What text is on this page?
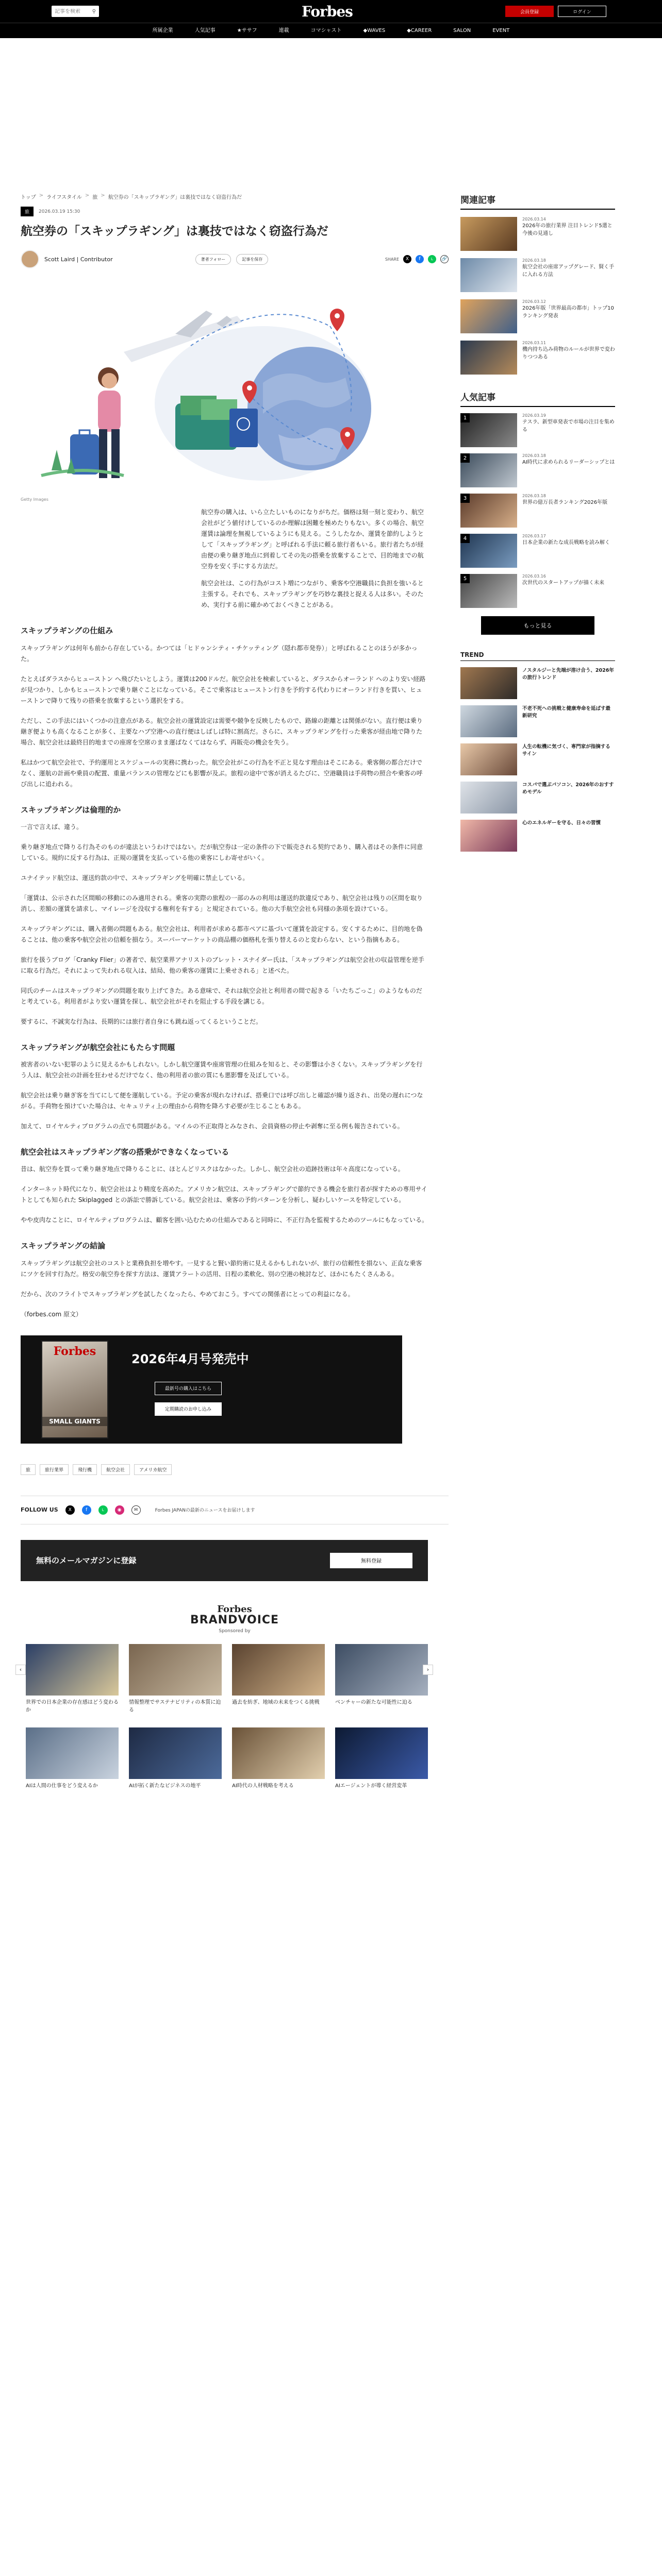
記事を検索
⚲	Forbes	会員登録	ログイン
所属企業	人気記事	★ササフ	連載	コマシャスト	◆WAVES	◆CAREER	SALON	EVENT
トップ > ライフスタイル > 旅 > 航空券の「スキップラギング」は裏技ではなく窃盗行為だ
旅	2026.03.19 15:30
航空券の「スキップラギング」は裏技ではなく窃盗行為だ
Scott Laird | Contributor	著者フォロー	記事を保存	SHARE	X	f	L	🔗
Getty Images

航空券の購入は、いら立たしいものになりがちだ。価格は刻一刻と変わり、航空会社がどう値付けしているのか理解は困難を極めたりもない。多くの場合、航空運賃は論理を無視しているようにも見える。こうしたなか、運賃を節約しようとして「スキップラギング」と呼ばれる手法に頼る旅行者もいる。旅行者たちが経由便の乗り継ぎ地点に到着してその先の搭乗を放棄することで、目的地までの航空券を安く手にする方法だ。

航空会社は、この行為がコスト増につながり、乗客や空港職員に負担を強いると主張する。それでも、スキップラギングを巧妙な裏技と捉える人は多い。そのため、実行する前に確かめておくべきことがある。

スキップラギングの仕組み

スキップラギングは何年も前から存在している。かつては「ヒドゥンシティ・チケッティング（隠れ都市発券）」と呼ばれることのほうが多かった。

たとえばダラスからヒューストン へ飛びたいとしよう。運賃は200ドルだ。航空会社を検索していると、ダラスからオーランド へのより安い経路が見つかり、しかもヒューストンで乗り継ぐことになっている。そこで乗客はヒューストン行きを予約する代わりにオーランド行きを買い、ヒューストンで降りて残りの搭乗を放棄するという選択をする。

ただし、この手法にはいくつかの注意点がある。航空会社の運賃設定は需要や競争を反映したもので、路線の距離とは関係がない。直行便は乗り継ぎ便よりも高くなることが多く、主要なハブ空港への直行便はしばしば特に割高だ。さらに、スキップラギングを行った乗客が経由地で降りた場合、航空会社は最終目的地までの座席を空席のまま運ばなくてはならず、再販売の機会を失う。

私はかつて航空会社で、予約運用とスケジュールの実務に携わった。航空会社がこの行為を不正と見なす理由はそこにある。乗客側の都合だけでなく、運航の計画や乗員の配置、重量バランスの管理などにも影響が及ぶ。旅程の途中で客が消えるたびに、空港職員は手荷物の照合や乗客の呼び出しに追われる。

スキップラギングは倫理的か

一言で言えば、違う。

乗り継ぎ地点で降りる行為そのものが違法というわけではない。だが航空券は一定の条件の下で販売される契約であり、購入者はその条件に同意している。規約に反する行為は、正規の運賃を支払っている他の乗客にしわ寄せがいく。

ユナイテッド航空は、運送約款の中で、スキップラギングを明確に禁止している。

「運賃は、公示された区間順の移動にのみ適用される。乗客の実際の旅程の一部のみの利用は運送約款違反であり、航空会社は残りの区間を取り消し、差額の運賃を請求し、マイレージを没収する権利を有する」と規定されている。他の大手航空会社も同様の条項を設けている。

スキップラギングには、購入者側の問題もある。航空会社は、利用者が求める都市ペアに基づいて運賃を設定する。安くするために、目的地を偽ることは、他の乗客や航空会社の信頼を損なう。スーパーマーケットの商品棚の価格札を張り替えるのと変わらない、という指摘もある。

旅行を扱うブログ「Cranky Flier」の著者で、航空業界アナリストのブレット・スナイダー氏は、「スキップラギングは航空会社の収益管理を逆手に取る行為だ。それによって失われる収入は、結局、他の乗客の運賃に上乗せされる」と述べた。

同氏のチームはスキップラギングの問題を取り上げてきた。ある意味で、それは航空会社と利用者の間で起きる「いたちごっこ」のようなものだと考えている。利用者がより安い運賃を探し、航空会社がそれを阻止する手段を講じる。

要するに、不誠実な行為は、長期的には旅行者自身にも跳ね返ってくるということだ。

スキップラギングが航空会社にもたらす問題

被害者のいない犯罪のように見えるかもしれない。しかし航空運賃や座席管理の仕組みを知ると、その影響は小さくない。スキップラギングを行う人は、航空会社の計画を狂わせるだけでなく、他の利用者の旅の質にも悪影響を及ぼしている。

航空会社は乗り継ぎ客を当てにして便を運航している。予定の乗客が現れなければ、搭乗口では呼び出しと確認が繰り返され、出発の遅れにつながる。手荷物を預けていた場合は、セキュリティ上の理由から荷物を降ろす必要が生じることもある。

加えて、ロイヤルティプログラムの点でも問題がある。マイルの不正取得とみなされ、会員資格の停止や剥奪に至る例も報告されている。

航空会社はスキップラギング客の搭乗ができなくなっている

昔は、航空券を買って乗り継ぎ地点で降りることに、ほとんどリスクはなかった。しかし、航空会社の追跡技術は年々高度になっている。

インターネット時代になり、航空会社はより精度を高めた。アメリカン航空は、スキップラギングで節約できる機会を旅行者が探すための専用サイトとしても知られた Skiplagged との訴訟で勝訴している。航空会社は、乗客の予約パターンを分析し、疑わしいケースを特定している。

やや皮肉なことに、ロイヤルティプログラムは、顧客を囲い込むための仕組みであると同時に、不正行為を監視するためのツールにもなっている。

スキップラギングの結論

スキップラギングは航空会社のコストと業務負担を増やす。一見すると賢い節約術に見えるかもしれないが、旅行の信頼性を損ない、正直な乗客にツケを回す行為だ。格安の航空券を探す方法は、運賃アラートの活用、日程の柔軟化、別の空港の検討など、ほかにもたくさんある。

だから、次のフライトでスキップラギングを試したくなったら、やめておこう。すべての関係者にとっての利益になる。

（forbes.com 原文）

Forbes
SMALL GIANTS
2026年4月号発売中
最新号の購入はこちら
定期購読のお申し込み
旅	旅行業界	飛行機	航空会社	アメリカ航空
FOLLOW US	X	f	L	◉	✉	Forbes JAPANの最新のニュースをお届けします
無料のメールマガジンに登録	無料登録
Forbes
BRANDVOICE
Sponsored by
‹	›
世界での日本企業の存在感はどう変わるか
情報整理でサステナビリティの本質に迫る
過去を紡ぎ、地域の未来をつくる挑戦	ベンチャーの新たな可能性に迫る
AIは人間の仕事をどう変えるか	AIが拓く新たなビジネスの地平	AI時代の人材戦略を考える	AIエージェントが導く経営変革
関連記事
2026.03.14
2026年の旅行業界 注目トレンド5選と今後の見通し
2026.03.18
航空会社の座席アップグレード、賢く手に入れる方法
2026.03.12
2026年版「世界最高の都市」トップ10ランキング発表
2026.03.11
機内持ち込み荷物のルールが世界で変わりつつある
人気記事
1	2026.03.19
テスラ、新型車発表で市場の注目を集める
2	2026.03.18
AI時代に求められるリーダーシップとは
3	2026.03.18
世界の億万長者ランキング2026年版
4	2026.03.17
日本企業の新たな成長戦略を読み解く
5	2026.03.16
次世代のスタートアップが描く未来
もっと見る
TREND
ノスタルジーと先端が溶け合う、2026年の旅行トレンド
不老不死への挑戦と健康寿命を延ばす最新研究
人生の転機に気づく、専門家が指摘するサイン
コスパで選ぶパソコン、2026年のおすすめモデル
心のエネルギーを守る、日々の習慣
